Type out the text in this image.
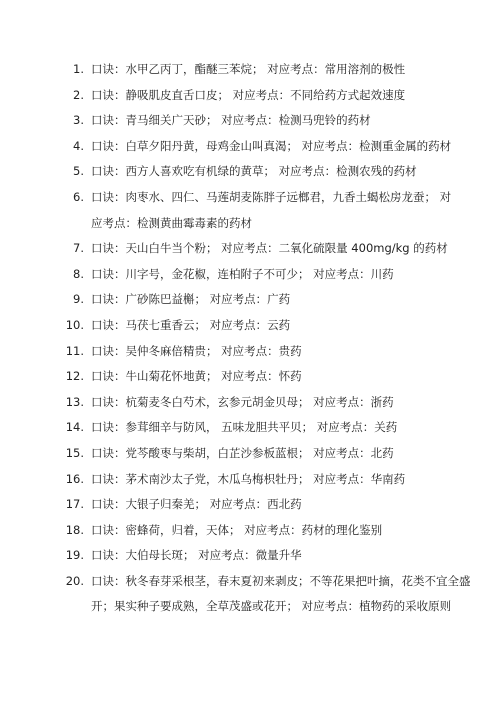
1. 口诀：水甲乙丙丁，酯醚三苯烷； 对应考点：常用溶剂的极性
2. 口诀：静吸肌皮直舌口皮； 对应考点：不同给药方式起效速度
3. 口诀：青马细关广天砂； 对应考点：检测马兜铃的药材
4. 口诀：白草夕阳丹黄，母鸡金山叫真渴； 对应考点：检测重金属的药材
5. 口诀：西方人喜欢吃有机绿的黄草； 对应考点：检测农残的药材
6. 口诀：肉枣水、四仁、马莲胡麦陈胖子远榔君，九香土蝎松房龙蚕； 对
应考点：检测黄曲霉毒素的药材
7. 口诀：天山白牛当个粉； 对应考点：二氧化硫限量 400mg/kg 的药材
8. 口诀：川字号，金花椒，连柏附子不可少； 对应考点：川药
9. 口诀：广砂陈巴益槲； 对应考点：广药
10. 口诀：马茯七重香云； 对应考点：云药
11. 口诀：吴仲冬麻倍精贵； 对应考点：贵药
12. 口诀：牛山菊花怀地黄； 对应考点：怀药
13. 口诀：杭菊麦冬白芍术，玄参元胡金贝母； 对应考点：浙药
14. 口诀：参茸细辛与防风， 五味龙胆共平贝； 对应考点：关药
15. 口诀：党芩酸枣与柴胡，白芷沙参板蓝根； 对应考点：北药
16. 口诀：茅术南沙太子党，木瓜乌梅枳牡丹； 对应考点：华南药
17. 口诀：大银子归秦羌； 对应考点：西北药
18. 口诀：密蜂荷，归着，天体； 对应考点：药材的理化鉴别
19. 口诀：大伯母长斑； 对应考点：微量升华
20. 口诀：秋冬春芽采根茎，春末夏初来剥皮；不等花果把叶摘，花类不宜全盛
开；果实种子要成熟，全草茂盛或花开； 对应考点：植物药的采收原则
